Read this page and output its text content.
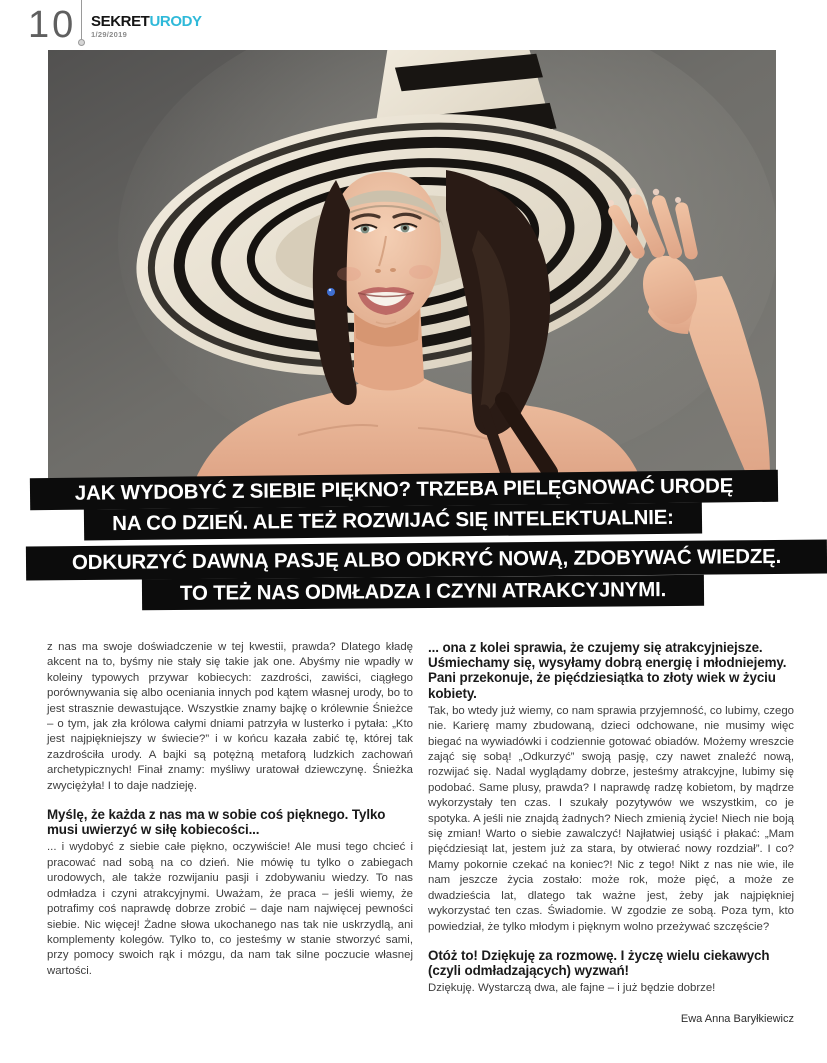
10 SEKRETURODY
1/29/2019
JAK WYDOBYĆ Z SIEBIE PIĘKNO? TRZEBA PIELĘGNOWAĆ URODĘ
NA CO DZIEŃ. ALE TEŻ ROZWIJAĆ SIĘ INTELEKTUALNIE:
ODKURZYĆ DAWNĄ PASJĘ ALBO ODKRYĆ NOWĄ, ZDOBYWAĆ WIEDZĘ.
TO TEŻ NAS ODMŁADZA I CZYNI ATRAKCYJNYMI.

z nas ma swoje doświadczenie w tej kwestii, prawda? Dlatego kładę akcent na to, byśmy nie stały się takie jak one. Abyśmy nie wpadły w koleiny typowych przywar kobiecych: zazdrości, zawiści, ciągłego porównywania się albo oceniania innych pod kątem własnej urody, bo to jest strasznie dewastujące. Wszystkie znamy bajkę o królewnie Śnieżce – o tym, jak zła królowa całymi dniami patrzyła w lusterko i pytała: „Kto jest najpiękniejszy w świecie?” i w końcu kazała zabić tę, której tak zazdrościła urody. A bajki są potężną metaforą ludzkich zachowań archetypicznych! Finał znamy: myśliwy uratował dziewczynę. Śnieżka zwyciężyła! I to daje nadzieję.

Myślę, że każda z nas ma w sobie coś pięknego. Tylko musi uwierzyć w siłę kobiecości...

... i wydobyć z siebie całe piękno, oczywiście! Ale musi tego chcieć i pracować nad sobą na co dzień. Nie mówię tu tylko o zabiegach urodowych, ale także rozwijaniu pasji i zdobywaniu wiedzy. To nas odmładza i czyni atrakcyjnymi. Uważam, że praca – jeśli wiemy, że potrafimy coś naprawdę dobrze zrobić – daje nam najwięcej pewności siebie. Nic więcej! Żadne słowa ukochanego nas tak nie uskrzydlą, ani komplementy kolegów. Tylko to, co jesteśmy w stanie stworzyć sami, przy pomocy swoich rąk i mózgu, da nam tak silne poczucie własnej wartości.

... ona z kolei sprawia, że czujemy się atrakcyjniejsze. Uśmiechamy się, wysyłamy dobrą energię i młodniejemy. Pani przekonuje, że pięćdziesiątka to złoty wiek w życiu kobiety.

Tak, bo wtedy już wiemy, co nam sprawia przyjemność, co lubimy, czego nie. Karierę mamy zbudowaną, dzieci odchowane, nie musimy więc biegać na wywiadówki i codziennie gotować obiadów. Możemy wreszcie zająć się sobą! „Odkurzyć” swoją pasję, czy nawet znaleźć nową, rozwijać się. Nadal wyglądamy dobrze, jesteśmy atrakcyjne, lubimy się podobać. Same plusy, prawda? I naprawdę radzę kobietom, by mądrze wykorzystały ten czas. I szukały pozytywów we wszystkim, co je spotyka. A jeśli nie znajdą żadnych? Niech zmienią życie! Niech nie boją się zmian! Warto o siebie zawalczyć! Najłatwiej usiąść i płakać: „Mam pięćdziesiąt lat, jestem już za stara, by otwierać nowy rozdział”. I co? Mamy pokornie czekać na koniec?! Nic z tego! Nikt z nas nie wie, ile nam jeszcze życia zostało: może rok, może pięć, a może ze dwadzieścia lat, dlatego tak ważne jest, żeby jak najpiękniej wykorzystać ten czas. Świadomie. W zgodzie ze sobą. Poza tym, kto powiedział, że tylko młodym i pięknym wolno przeżywać szczęście?

Otóż to! Dziękuję za rozmowę. I życzę wielu ciekawych (czyli odmładzających) wyzwań!

Dziękuję. Wystarczą dwa, ale fajne – i już będzie dobrze!

Ewa Anna Baryłkiewicz
